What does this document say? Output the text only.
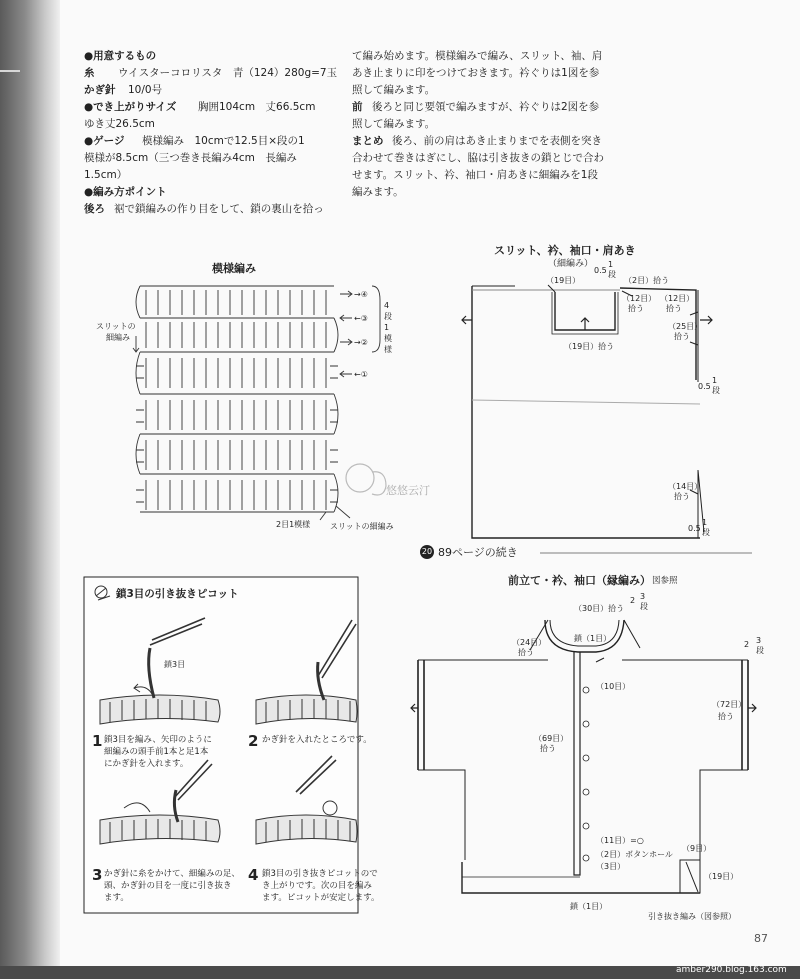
●用意するもの
糸 ウイスターコロリスタ　青（124）280g=7玉
かぎ針 10/0号
●でき上がりサイズ 胸囲104cm　丈66.5cm
ゆき丈26.5cm
●ゲージ 模様編み　10cmで12.5目×段の1
模様が8.5cm（三つ巻き長編み4cm　長編み
1.5cm）
●編み方ポイント
後ろ 裾で鎖編みの作り目をして、鎖の裏山を拾っ
て編み始めます。模様編みで編み、スリット、袖、肩
あき止まりに印をつけておきます。衿ぐりは1図を参
照して編みます。
前 後ろと同じ要領で編みますが、衿ぐりは2図を参
照して編みます。
まとめ 後ろ、前の肩はあき止まりまでを表側を突き
合わせて巻きはぎにし、脇は引き抜きの鎖とじで合わ
せます。スリット、衿、袖口・肩あきに細編みを1段
編みます。
模様編み
→④
←③
→②
←①
4段1模様
スリットの
細編み
2目1模様 スリットの細編み
悠悠云汀
スリット、衿、袖口・肩あき
（細編み）
（19目）
0.5
1段
（2目）拾う
（12目）
拾う
（12目）
拾う
（25目）
拾う
（19目）拾う
0.5
1段
（14目）
拾う
0.5
1段
20 89ページの続き
前立て・衿、袖口（縁編み） 図参照
（30目）拾う
2 3段
（24目）
拾う
鎖（1目）
2 3段
（10目）
（72目）
拾う
（69目）
拾う
（11目）=○
（2目）ボタンホール
（3目）
（9目）
（19目）
鎖（1目）
引き抜き編み（図参照）
鎖3目の引き抜きピコット
鎖3目
1 鎖3目を編み、矢印のように
細編みの頭手前1本と足1本
にかぎ針を入れます。
2 かぎ針を入れたところです。
3 かぎ針に糸をかけて、細編みの足、
頭、かぎ針の目を一度に引き抜き
ます。
4 鎖3目の引き抜きピコットので
き上がりです。次の目を編み
ます。ピコットが安定します。
87
amber290.blog.163.com
